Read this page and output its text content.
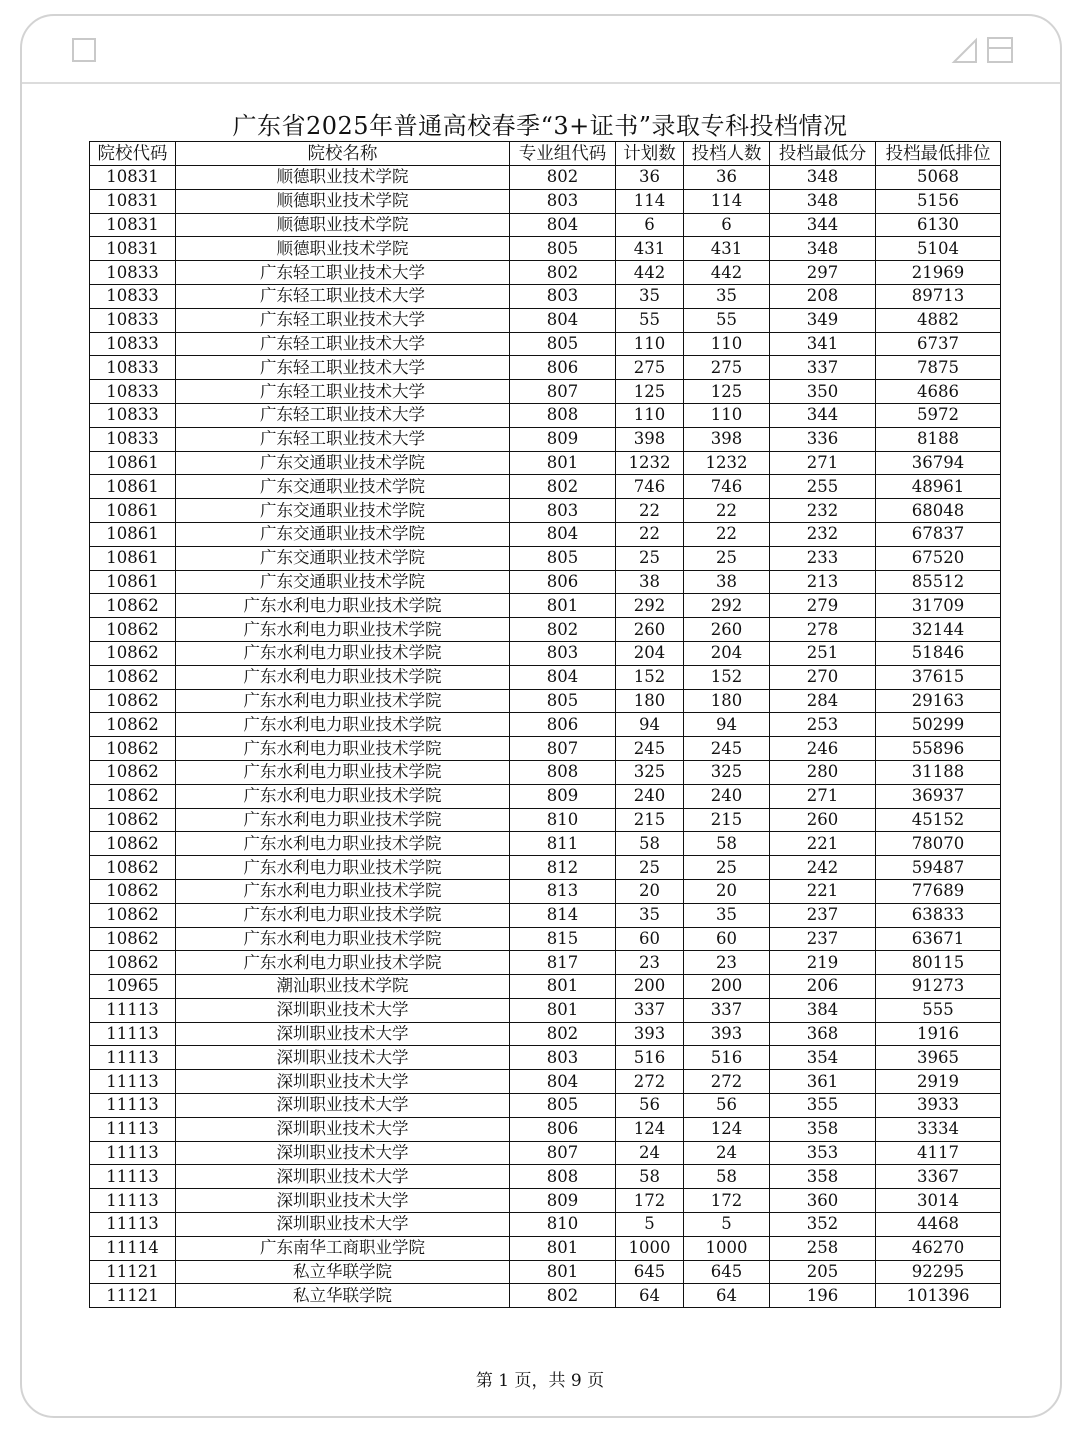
广东省2025年普通高校春季“3+证书”录取专科投档情况
院校代码	院校名称	专业组代码	计划数	投档人数	投档最低分	投档最低排位
10831	顺德职业技术学院	802	36	36	348	5068
10831	顺德职业技术学院	803	114	114	348	5156
10831	顺德职业技术学院	804	6	6	344	6130
10831	顺德职业技术学院	805	431	431	348	5104
10833	广东轻工职业技术大学	802	442	442	297	21969
10833	广东轻工职业技术大学	803	35	35	208	89713
10833	广东轻工职业技术大学	804	55	55	349	4882
10833	广东轻工职业技术大学	805	110	110	341	6737
10833	广东轻工职业技术大学	806	275	275	337	7875
10833	广东轻工职业技术大学	807	125	125	350	4686
10833	广东轻工职业技术大学	808	110	110	344	5972
10833	广东轻工职业技术大学	809	398	398	336	8188
10861	广东交通职业技术学院	801	1232	1232	271	36794
10861	广东交通职业技术学院	802	746	746	255	48961
10861	广东交通职业技术学院	803	22	22	232	68048
10861	广东交通职业技术学院	804	22	22	232	67837
10861	广东交通职业技术学院	805	25	25	233	67520
10861	广东交通职业技术学院	806	38	38	213	85512
10862	广东水利电力职业技术学院	801	292	292	279	31709
10862	广东水利电力职业技术学院	802	260	260	278	32144
10862	广东水利电力职业技术学院	803	204	204	251	51846
10862	广东水利电力职业技术学院	804	152	152	270	37615
10862	广东水利电力职业技术学院	805	180	180	284	29163
10862	广东水利电力职业技术学院	806	94	94	253	50299
10862	广东水利电力职业技术学院	807	245	245	246	55896
10862	广东水利电力职业技术学院	808	325	325	280	31188
10862	广东水利电力职业技术学院	809	240	240	271	36937
10862	广东水利电力职业技术学院	810	215	215	260	45152
10862	广东水利电力职业技术学院	811	58	58	221	78070
10862	广东水利电力职业技术学院	812	25	25	242	59487
10862	广东水利电力职业技术学院	813	20	20	221	77689
10862	广东水利电力职业技术学院	814	35	35	237	63833
10862	广东水利电力职业技术学院	815	60	60	237	63671
10862	广东水利电力职业技术学院	817	23	23	219	80115
10965	潮汕职业技术学院	801	200	200	206	91273
11113	深圳职业技术大学	801	337	337	384	555
11113	深圳职业技术大学	802	393	393	368	1916
11113	深圳职业技术大学	803	516	516	354	3965
11113	深圳职业技术大学	804	272	272	361	2919
11113	深圳职业技术大学	805	56	56	355	3933
11113	深圳职业技术大学	806	124	124	358	3334
11113	深圳职业技术大学	807	24	24	353	4117
11113	深圳职业技术大学	808	58	58	358	3367
11113	深圳职业技术大学	809	172	172	360	3014
11113	深圳职业技术大学	810	5	5	352	4468
11114	广东南华工商职业学院	801	1000	1000	258	46270
11121	私立华联学院	801	645	645	205	92295
11121	私立华联学院	802	64	64	196	101396
第 1 页，共 9 页
